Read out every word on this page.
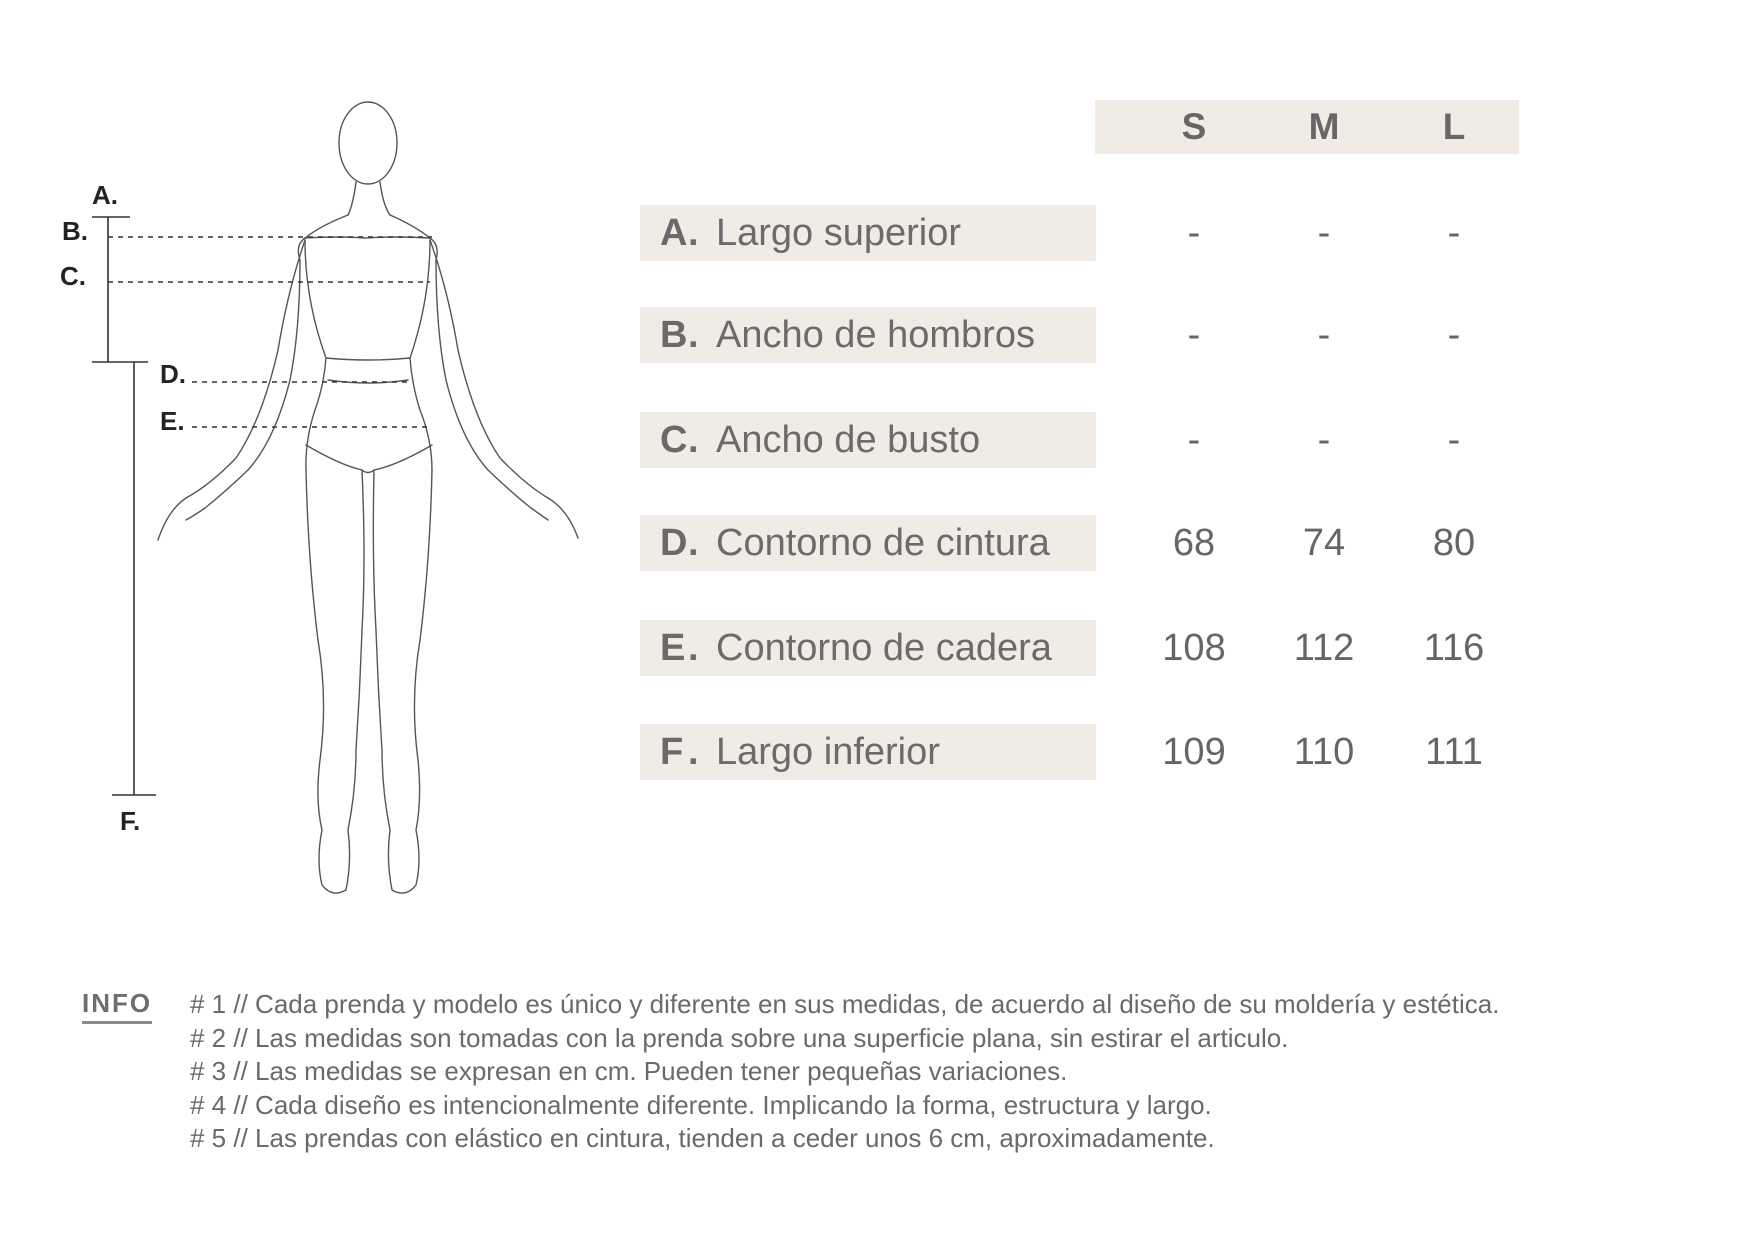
A.
B.
C.
D.
E.
F.
S	M	L
A . Largo superior	-	-	-
B . Ancho de hombros	-	-	-
C . Ancho de busto	-	-	-
D . Contorno de cintura	68	74	80
E . Contorno de cadera	108	112	116
F . Largo inferior	109	110	111
INFO # 1 // Cada prenda y modelo es único y diferente en sus medidas, de acuerdo al diseño de su moldería y estética.
# 2 // Las medidas son tomadas con la prenda sobre una superficie plana, sin estirar el articulo.
# 3 // Las medidas se expresan en cm. Pueden tener pequeñas variaciones.
# 4 // Cada diseño es intencionalmente diferente. Implicando la forma, estructura y largo.
# 5 // Las prendas con elástico en cintura, tienden a ceder unos 6 cm, aproximadamente.
